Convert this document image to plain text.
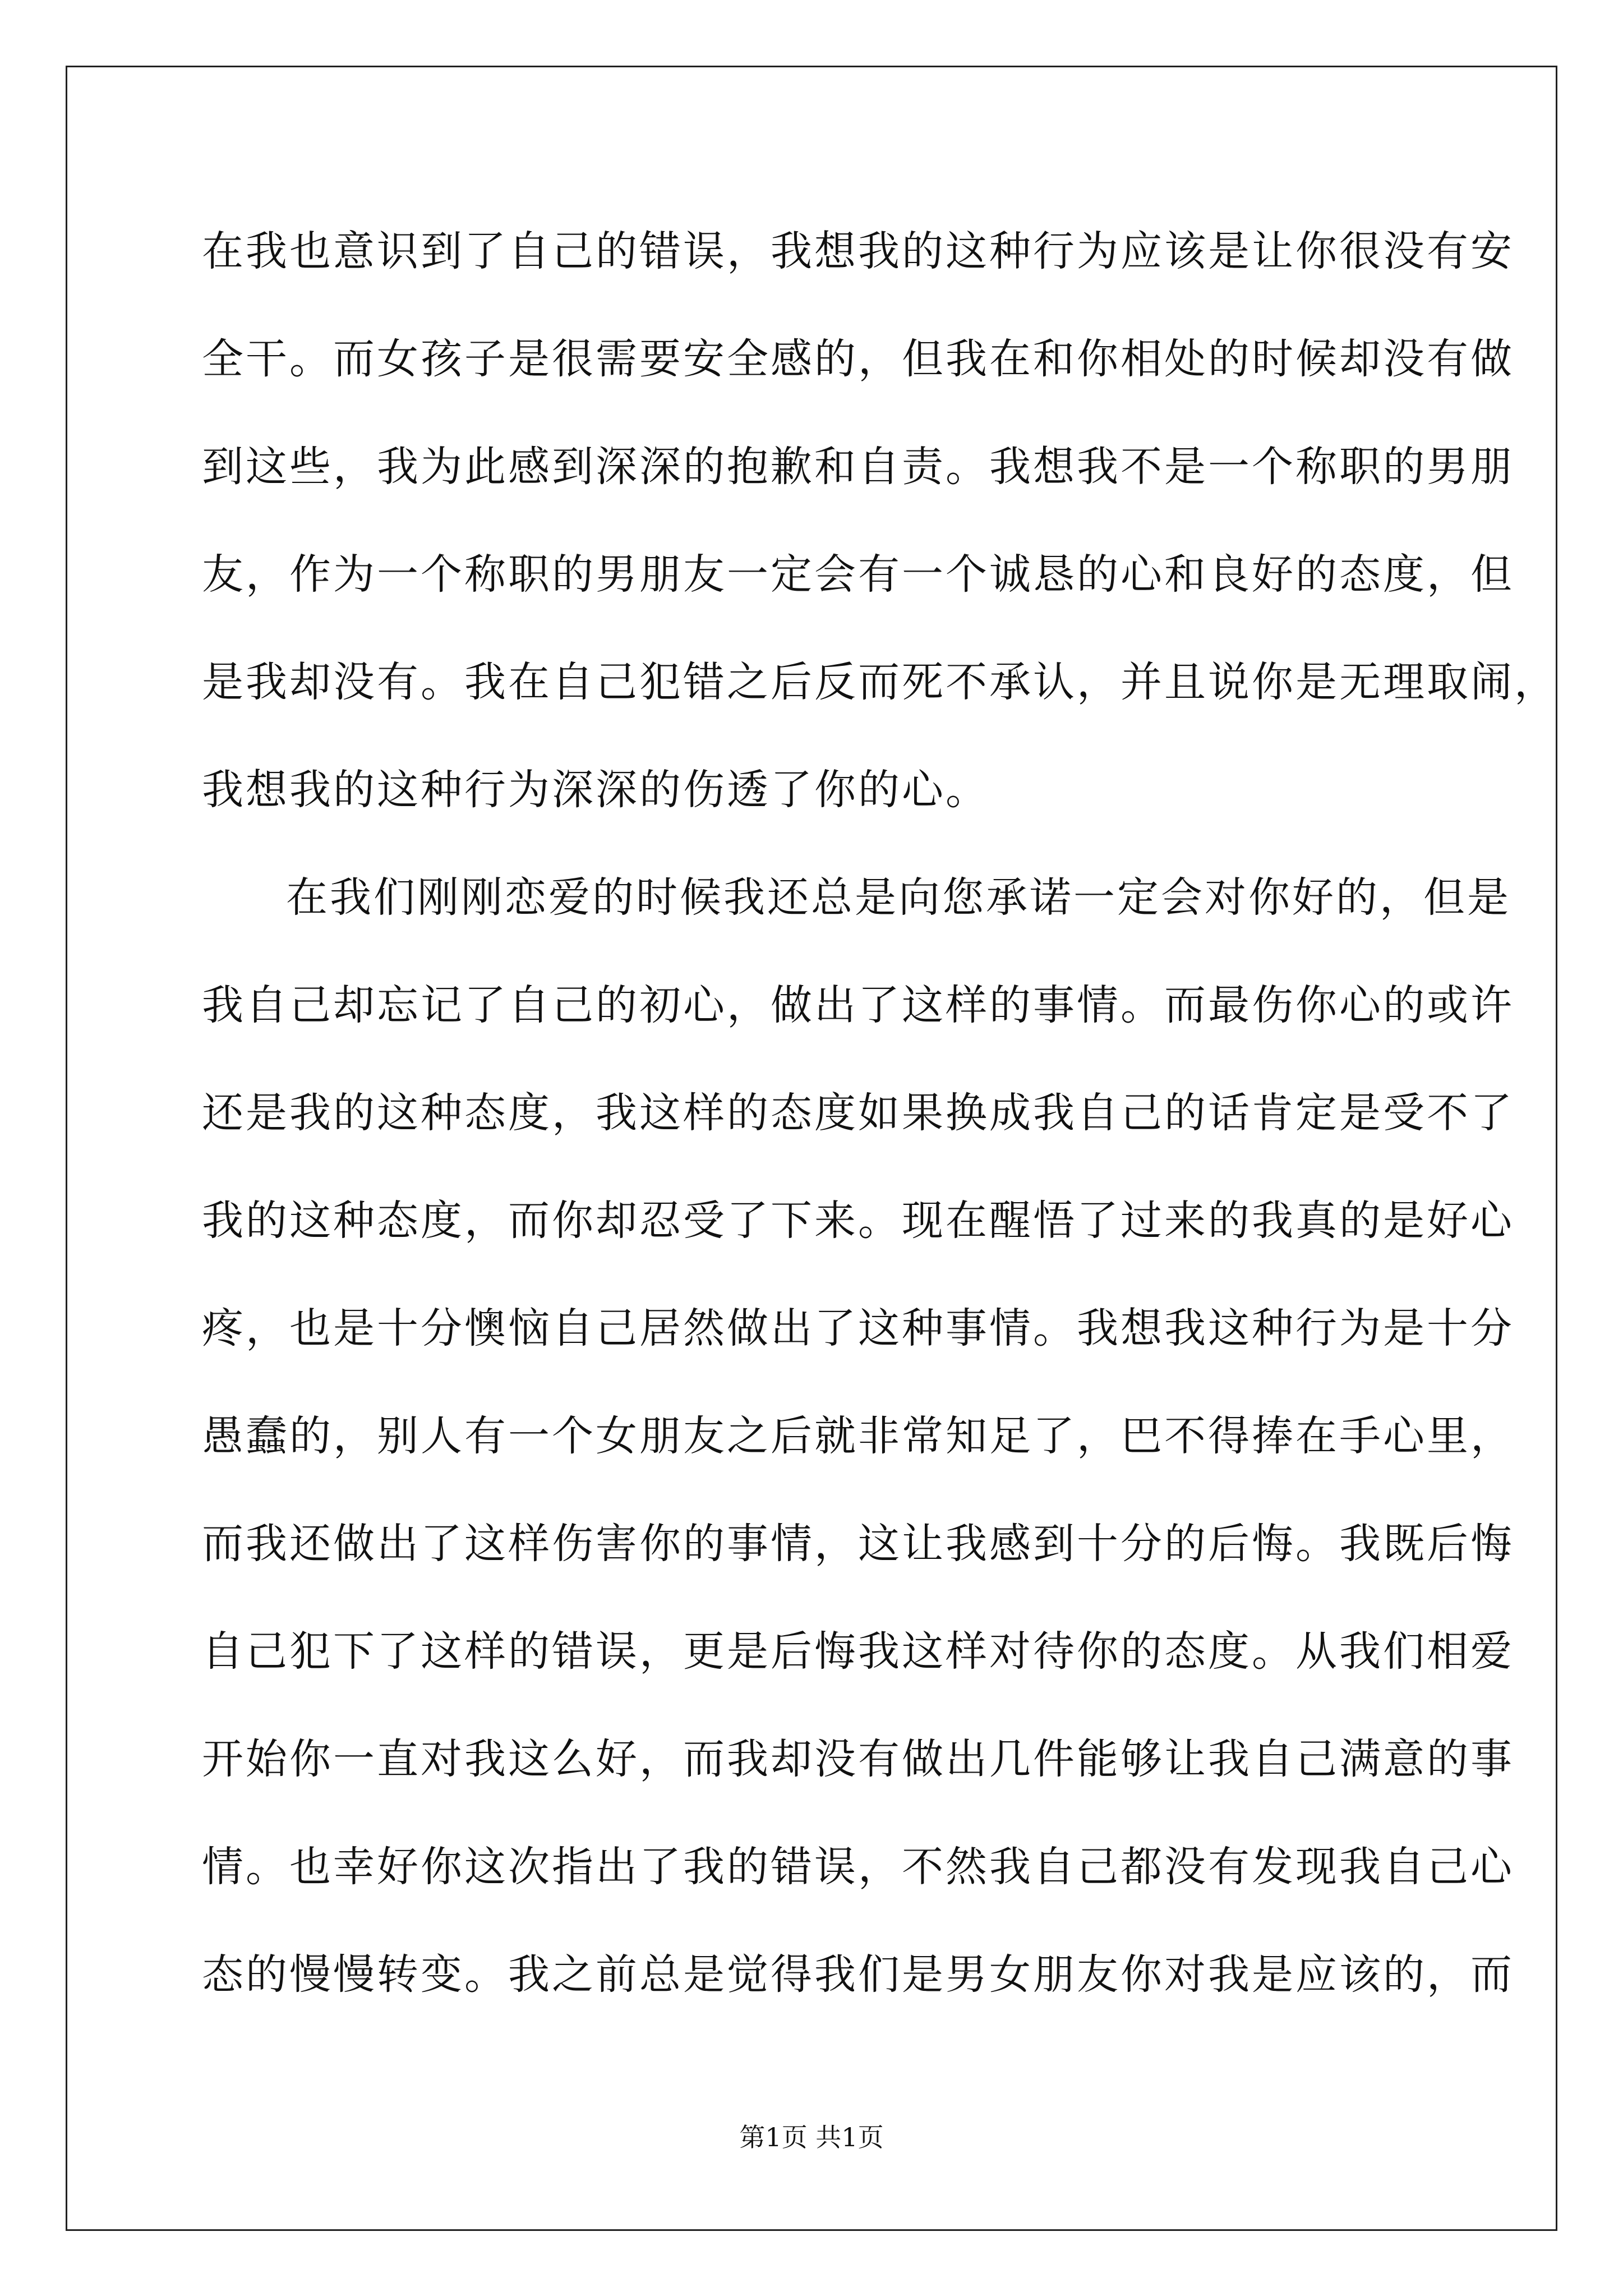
在我也意识到了自己的错误，我想我的这种行为应该是让你很没有安
全干。而女孩子是很需要安全感的，但我在和你相处的时候却没有做
到这些，我为此感到深深的抱歉和自责。我想我不是一个称职的男朋
友，作为一个称职的男朋友一定会有一个诚恳的心和良好的态度，但
是我却没有。我在自己犯错之后反而死不承认，并且说你是无理取闹，
我想我的这种行为深深的伤透了你的心。
在我们刚刚恋爱的时候我还总是向您承诺一定会对你好的，但是
我自己却忘记了自己的初心，做出了这样的事情。而最伤你心的或许
还是我的这种态度，我这样的态度如果换成我自己的话肯定是受不了
我的这种态度，而你却忍受了下来。现在醒悟了过来的我真的是好心
疼，也是十分懊恼自己居然做出了这种事情。我想我这种行为是十分
愚蠢的，别人有一个女朋友之后就非常知足了，巴不得捧在手心里，
而我还做出了这样伤害你的事情，这让我感到十分的后悔。我既后悔
自己犯下了这样的错误，更是后悔我这样对待你的态度。从我们相爱
开始你一直对我这么好，而我却没有做出几件能够让我自己满意的事
情。也幸好你这次指出了我的错误，不然我自己都没有发现我自己心
态的慢慢转变。我之前总是觉得我们是男女朋友你对我是应该的，而
第1页 共1页
